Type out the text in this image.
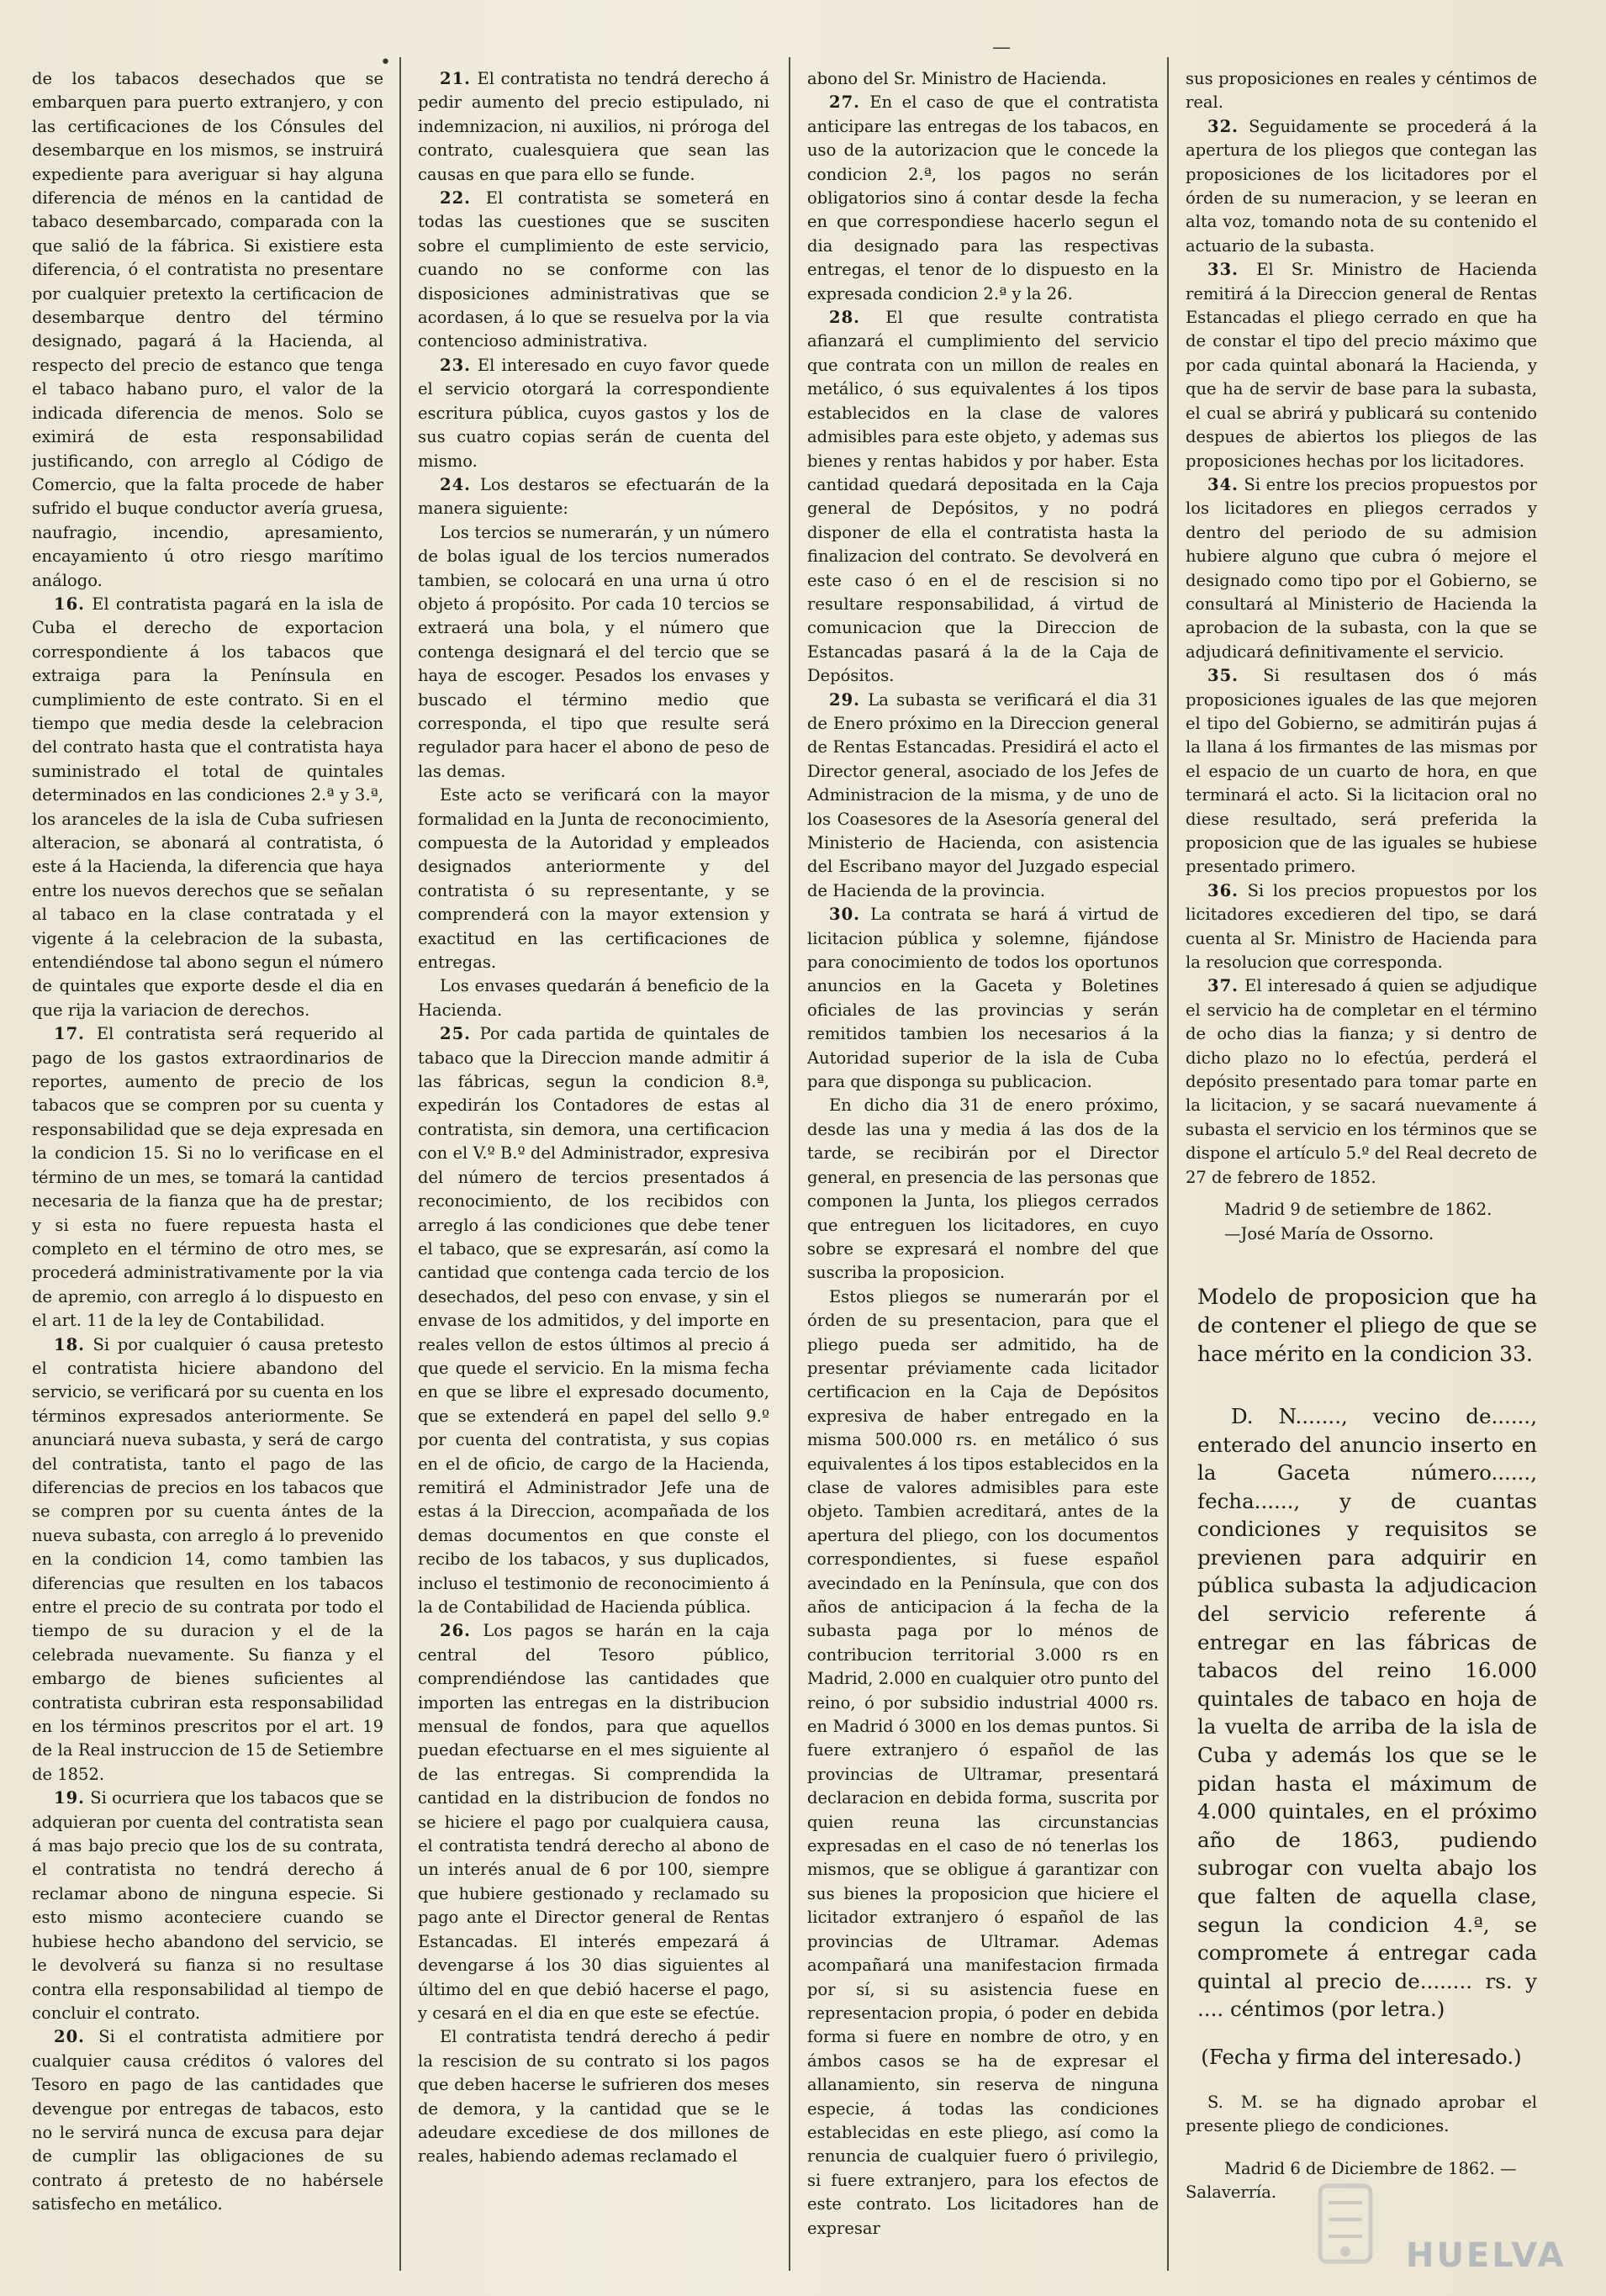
•
—

de los tabacos desechados que se embarquen para puerto extranjero, y con las certificaciones de los Cónsules del desembarque en los mismos, se instruirá expediente para averiguar si hay alguna diferencia de ménos en la cantidad de tabaco desembarcado, comparada con la que salió de la fábrica. Si existiere esta diferencia, ó el contratista no presentare por cualquier pretexto la certificacion de desembarque dentro del término designado, pagará á la Hacienda, al respecto del precio de estanco que tenga el tabaco habano puro, el valor de la indicada diferencia de menos. Solo se eximirá de esta responsabilidad justificando, con arreglo al Código de Comercio, que la falta procede de haber sufrido el buque conductor avería gruesa, naufragio, incendio, apresamiento, encayamiento ú otro riesgo marítimo análogo.

16. El contratista pagará en la isla de Cuba el derecho de exportacion correspondiente á los tabacos que extraiga para la Península en cumplimiento de este contrato. Si en el tiempo que media desde la celebracion del contrato hasta que el contratista haya suministrado el total de quintales determinados en las condiciones 2.ª y 3.ª, los aranceles de la isla de Cuba sufriesen alteracion, se abonará al contratista, ó este á la Hacienda, la diferencia que haya entre los nuevos derechos que se señalan al tabaco en la clase contratada y el vigente á la celebracion de la subasta, entendiéndose tal abono segun el número de quintales que exporte desde el dia en que rija la variacion de derechos.

17. El contratista será requerido al pago de los gastos extraordinarios de reportes, aumento de precio de los tabacos que se compren por su cuenta y responsabilidad que se deja expresada en la condicion 15. Si no lo verificase en el término de un mes, se tomará la cantidad necesaria de la fianza que ha de prestar; y si esta no fuere repuesta hasta el completo en el término de otro mes, se procederá administrativamente por la via de apremio, con arreglo á lo dispuesto en el art. 11 de la ley de Contabilidad.

18. Si por cualquier ó causa pretesto el contratista hiciere abandono del servicio, se verificará por su cuenta en los términos expresados anteriormente. Se anunciará nueva subasta, y será de cargo del contratista, tanto el pago de las diferencias de precios en los tabacos que se compren por su cuenta ántes de la nueva subasta, con arreglo á lo prevenido en la condicion 14, como tambien las diferencias que resulten en los tabacos entre el precio de su contrata por todo el tiempo de su duracion y el de la celebrada nuevamente. Su fianza y el embargo de bienes suficientes al contratista cubriran esta responsabilidad en los términos prescritos por el art. 19 de la Real instruccion de 15 de Setiembre de 1852.

19. Si ocurriera que los tabacos que se adquieran por cuenta del contratista sean á mas bajo precio que los de su contrata, el contratista no tendrá derecho á reclamar abono de ninguna especie. Si esto mismo aconteciere cuando se hubiese hecho abandono del servicio, se le devolverá su fianza si no resultase contra ella responsabilidad al tiempo de concluir el contrato.

20. Si el contratista admitiere por cualquier causa créditos ó valores del Tesoro en pago de las cantidades que devengue por entregas de tabacos, esto no le servirá nunca de excusa para dejar de cumplir las obligaciones de su contrato á pretesto de no habérsele satisfecho en metálico.

21. El contratista no tendrá derecho á pedir aumento del precio estipulado, ni indemnizacion, ni auxilios, ni próroga del contrato, cualesquiera que sean las causas en que para ello se funde.

22. El contratista se someterá en todas las cuestiones que se susciten sobre el cumplimiento de este servicio, cuando no se conforme con las disposiciones administrativas que se acordasen, á lo que se resuelva por la via contencioso administrativa.

23. El interesado en cuyo favor quede el servicio otorgará la correspondiente escritura pública, cuyos gastos y los de sus cuatro copias serán de cuenta del mismo.

24. Los destaros se efectuarán de la manera siguiente:

Los tercios se numerarán, y un número de bolas igual de los tercios numerados tambien, se colocará en una urna ú otro objeto á propósito. Por cada 10 tercios se extraerá una bola, y el número que contenga designará el del tercio que se haya de escoger. Pesados los envases y buscado el término medio que corresponda, el tipo que resulte será regulador para hacer el abono de peso de las demas.

Este acto se verificará con la mayor formalidad en la Junta de reconocimiento, compuesta de la Autoridad y empleados designados anteriormente y del contratista ó su representante, y se comprenderá con la mayor extension y exactitud en las certificaciones de entregas.

Los envases quedarán á beneficio de la Hacienda.

25. Por cada partida de quintales de tabaco que la Direccion mande admitir á las fábricas, segun la condicion 8.ª, expedirán los Contadores de estas al contratista, sin demora, una certificacion con el V.º B.º del Administrador, expresiva del número de tercios presentados á reconocimiento, de los recibidos con arreglo á las condiciones que debe tener el tabaco, que se expresarán, así como la cantidad que contenga cada tercio de los desechados, del peso con envase, y sin el envase de los admitidos, y del importe en reales vellon de estos últimos al precio á que quede el servicio. En la misma fecha en que se libre el expresado documento, que se extenderá en papel del sello 9.º por cuenta del contratista, y sus copias en el de oficio, de cargo de la Hacienda, remitirá el Administrador Jefe una de estas á la Direccion, acompañada de los demas documentos en que conste el recibo de los tabacos, y sus duplicados, incluso el testimonio de reconocimiento á la de Contabilidad de Hacienda pública.

26. Los pagos se harán en la caja central del Tesoro público, comprendiéndose las cantidades que importen las entregas en la distribucion mensual de fondos, para que aquellos puedan efectuarse en el mes siguiente al de las entregas. Si comprendida la cantidad en la distribucion de fondos no se hiciere el pago por cualquiera causa, el contratista tendrá derecho al abono de un interés anual de 6 por 100, siempre que hubiere gestionado y reclamado su pago ante el Director general de Rentas Estancadas. El interés empezará á devengarse á los 30 dias siguientes al último del en que debió hacerse el pago, y cesará en el dia en que este se efectúe.

El contratista tendrá derecho á pedir la rescision de su contrato si los pagos que deben hacerse le sufrieren dos meses de demora, y la cantidad que se le adeudare excediese de dos millones de reales, habiendo ademas reclamado el

abono del Sr. Ministro de Hacienda.

27. En el caso de que el contratista anticipare las entregas de los tabacos, en uso de la autorizacion que le concede la condicion 2.ª, los pagos no serán obligatorios sino á contar desde la fecha en que correspondiese hacerlo segun el dia designado para las respectivas entregas, el tenor de lo dispuesto en la expresada condicion 2.ª y la 26.

28. El que resulte contratista afianzará el cumplimiento del servicio que contrata con un millon de reales en metálico, ó sus equivalentes á los tipos establecidos en la clase de valores admisibles para este objeto, y ademas sus bienes y rentas habidos y por haber. Esta cantidad quedará depositada en la Caja general de Depósitos, y no podrá disponer de ella el contratista hasta la finalizacion del contrato. Se devolverá en este caso ó en el de rescision si no resultare responsabilidad, á virtud de comunicacion que la Direccion de Estancadas pasará á la de la Caja de Depósitos.

29. La subasta se verificará el dia 31 de Enero próximo en la Direccion general de Rentas Estancadas. Presidirá el acto el Director general, asociado de los Jefes de Administracion de la misma, y de uno de los Coasesores de la Asesoría general del Ministerio de Hacienda, con asistencia del Escribano mayor del Juzgado especial de Hacienda de la provincia.

30. La contrata se hará á virtud de licitacion pública y solemne, fijándose para conocimiento de todos los oportunos anuncios en la Gaceta y Boletines oficiales de las provincias y serán remitidos tambien los necesarios á la Autoridad superior de la isla de Cuba para que disponga su publicacion.

En dicho dia 31 de enero próximo, desde las una y media á las dos de la tarde, se recibirán por el Director general, en presencia de las personas que componen la Junta, los pliegos cerrados que entreguen los licitadores, en cuyo sobre se expresará el nombre del que suscriba la proposicion.

Estos pliegos se numerarán por el órden de su presentacion, para que el pliego pueda ser admitido, ha de presentar préviamente cada licitador certificacion en la Caja de Depósitos expresiva de haber entregado en la misma 500.000 rs. en metálico ó sus equivalentes á los tipos establecidos en la clase de valores admisibles para este objeto. Tambien acreditará, antes de la apertura del pliego, con los documentos correspondientes, si fuese español avecindado en la Península, que con dos años de anticipacion á la fecha de la subasta paga por lo ménos de contribucion territorial 3.000 rs en Madrid, 2.000 en cualquier otro punto del reino, ó por subsidio industrial 4000 rs. en Madrid ó 3000 en los demas puntos. Si fuere extranjero ó español de las provincias de Ultramar, presentará declaracion en debida forma, suscrita por quien reuna las circunstancias expresadas en el caso de nó tenerlas los mismos, que se obligue á garantizar con sus bienes la proposicion que hiciere el licitador extranjero ó español de las provincias de Ultramar. Ademas acompañará una manifestacion firmada por sí, si su asistencia fuese en representacion propia, ó poder en debida forma si fuere en nombre de otro, y en ámbos casos se ha de expresar el allanamiento, sin reserva de ninguna especie, á todas las condiciones establecidas en este pliego, así como la renuncia de cualquier fuero ó privilegio, si fuere extranjero, para los efectos de este contrato. Los licitadores han de expresar

sus proposiciones en reales y céntimos de real.

32. Seguidamente se procederá á la apertura de los pliegos que contegan las proposiciones de los licitadores por el órden de su numeracion, y se leeran en alta voz, tomando nota de su contenido el actuario de la subasta.

33. El Sr. Ministro de Hacienda remitirá á la Direccion general de Rentas Estancadas el pliego cerrado en que ha de constar el tipo del precio máximo que por cada quintal abonará la Hacienda, y que ha de servir de base para la subasta, el cual se abrirá y publicará su contenido despues de abiertos los pliegos de las proposiciones hechas por los licitadores.

34. Si entre los precios propuestos por los licitadores en pliegos cerrados y dentro del periodo de su admision hubiere alguno que cubra ó mejore el designado como tipo por el Gobierno, se consultará al Ministerio de Hacienda la aprobacion de la subasta, con la que se adjudicará definitivamente el servicio.

35. Si resultasen dos ó más proposiciones iguales de las que mejoren el tipo del Gobierno, se admitirán pujas á la llana á los firmantes de las mismas por el espacio de un cuarto de hora, en que terminará el acto. Si la licitacion oral no diese resultado, será preferida la proposicion que de las iguales se hubiese presentado primero.

36. Si los precios propuestos por los licitadores excedieren del tipo, se dará cuenta al Sr. Ministro de Hacienda para la resolucion que corresponda.

37. El interesado á quien se adjudique el servicio ha de completar en el término de ocho dias la fianza; y si dentro de dicho plazo no lo efectúa, perderá el depósito presentado para tomar parte en la licitacion, y se sacará nuevamente á subasta el servicio en los términos que se dispone el artículo 5.º del Real decreto de 27 de febrero de 1852.

Madrid 9 de setiembre de 1862.

—José María de Ossorno.

Modelo de proposicion que ha de contener el pliego de que se hace mérito en la condicion 33.

D. N......., vecino de......, enterado del anuncio inserto en la Gaceta número......, fecha......, y de cuantas condiciones y requisitos se previenen para adquirir en pública subasta la adjudicacion del servicio referente á entregar en las fábricas de tabacos del reino 16.000 quintales de tabaco en hoja de la vuelta de arriba de la isla de Cuba y además los que se le pidan hasta el máximum de 4.000 quintales, en el próximo año de 1863, pudiendo subrogar con vuelta abajo los que falten de aquella clase, segun la condicion 4.ª, se compromete á entregar cada quintal al precio de........ rs. y .... céntimos (por letra.)

(Fecha y firma del interesado.)

S. M. se ha dignado aprobar el presente pliego de condiciones.

Madrid 6 de Diciembre de 1862. —

Salaverría.

HUELVA
